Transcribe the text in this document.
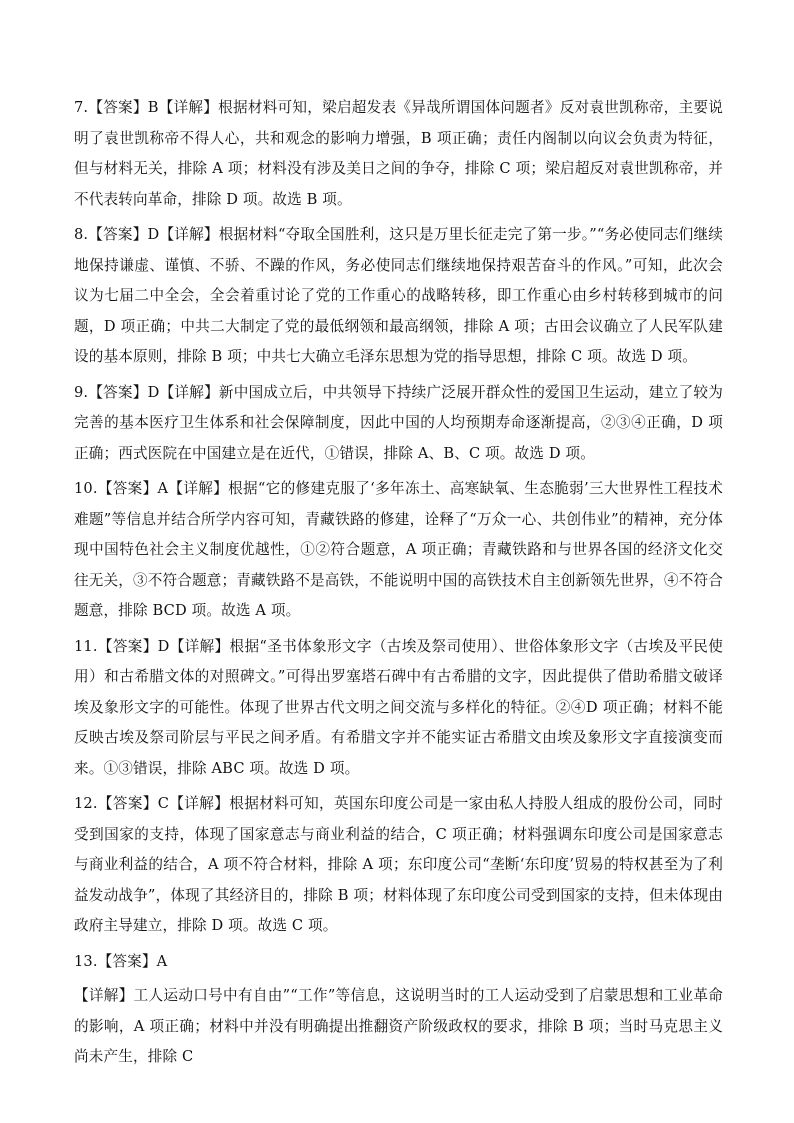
7.【答案】B【详解】根据材料可知，梁启超发表《异哉所谓国体问题者》反对袁世凯称帝，主要说明了袁世凯称帝不得人心，共和观念的影响力增强，B 项正确；责任内阁制以向议会负责为特征，但与材料无关，排除 A 项；材料没有涉及美日之间的争夺，排除 C 项；梁启超反对袁世凯称帝，并不代表转向革命，排除 D 项。故选 B 项。

8.【答案】D【详解】根据材料“夺取全国胜利，这只是万里长征走完了第一步。”“务必使同志们继续地保持谦虚、谨慎、不骄、不躁的作风，务必使同志们继续地保持艰苦奋斗的作风。”可知，此次会议为七届二中全会，全会着重讨论了党的工作重心的战略转移，即工作重心由乡村转移到城市的问题，D 项正确；中共二大制定了党的最低纲领和最高纲领，排除 A 项；古田会议确立了人民军队建设的基本原则，排除 B 项；中共七大确立毛泽东思想为党的指导思想，排除 C 项。故选 D 项。

9.【答案】D【详解】新中国成立后，中共领导下持续广泛展开群众性的爱国卫生运动，建立了较为完善的基本医疗卫生体系和社会保障制度，因此中国的人均预期寿命逐渐提高，②③④正确，D 项正确；西式医院在中国建立是在近代，①错误，排除 A、B、C 项。故选 D 项。

10.【答案】A【详解】根据“它的修建克服了‘多年冻土、高寒缺氧、生态脆弱’三大世界性工程技术难题”等信息并结合所学内容可知，青藏铁路的修建，诠释了“万众一心、共创伟业”的精神，充分体现中国特色社会主义制度优越性，①②符合题意，A 项正确；青藏铁路和与世界各国的经济文化交往无关，③不符合题意；青藏铁路不是高铁，不能说明中国的高铁技术自主创新领先世界，④不符合题意，排除 BCD 项。故选 A 项。

11.【答案】D【详解】根据“圣书体象形文字（古埃及祭司使用）、世俗体象形文字（古埃及平民使用）和古希腊文体的对照碑文。”可得出罗塞塔石碑中有古希腊的文字，因此提供了借助希腊文破译埃及象形文字的可能性。体现了世界古代文明之间交流与多样化的特征。②④D 项正确；材料不能反映古埃及祭司阶层与平民之间矛盾。有希腊文字并不能实证古希腊文由埃及象形文字直接演变而来。①③错误，排除 ABC 项。故选 D 项。

12.【答案】C【详解】根据材料可知，英国东印度公司是一家由私人持股人组成的股份公司，同时受到国家的支持，体现了国家意志与商业利益的结合，C 项正确；材料强调东印度公司是国家意志与商业利益的结合，A 项不符合材料，排除 A 项；东印度公司“垄断‘东印度’贸易的特权甚至为了利益发动战争”，体现了其经济目的，排除 B 项；材料体现了东印度公司受到国家的支持，但未体现由政府主导建立，排除 D 项。故选 C 项。

13.【答案】A

【详解】工人运动口号中有自由”“工作”等信息，这说明当时的工人运动受到了启蒙思想和工业革命的影响，A 项正确；材料中并没有明确提出推翻资产阶级政权的要求，排除 B 项；当时马克思主义尚未产生，排除 C
